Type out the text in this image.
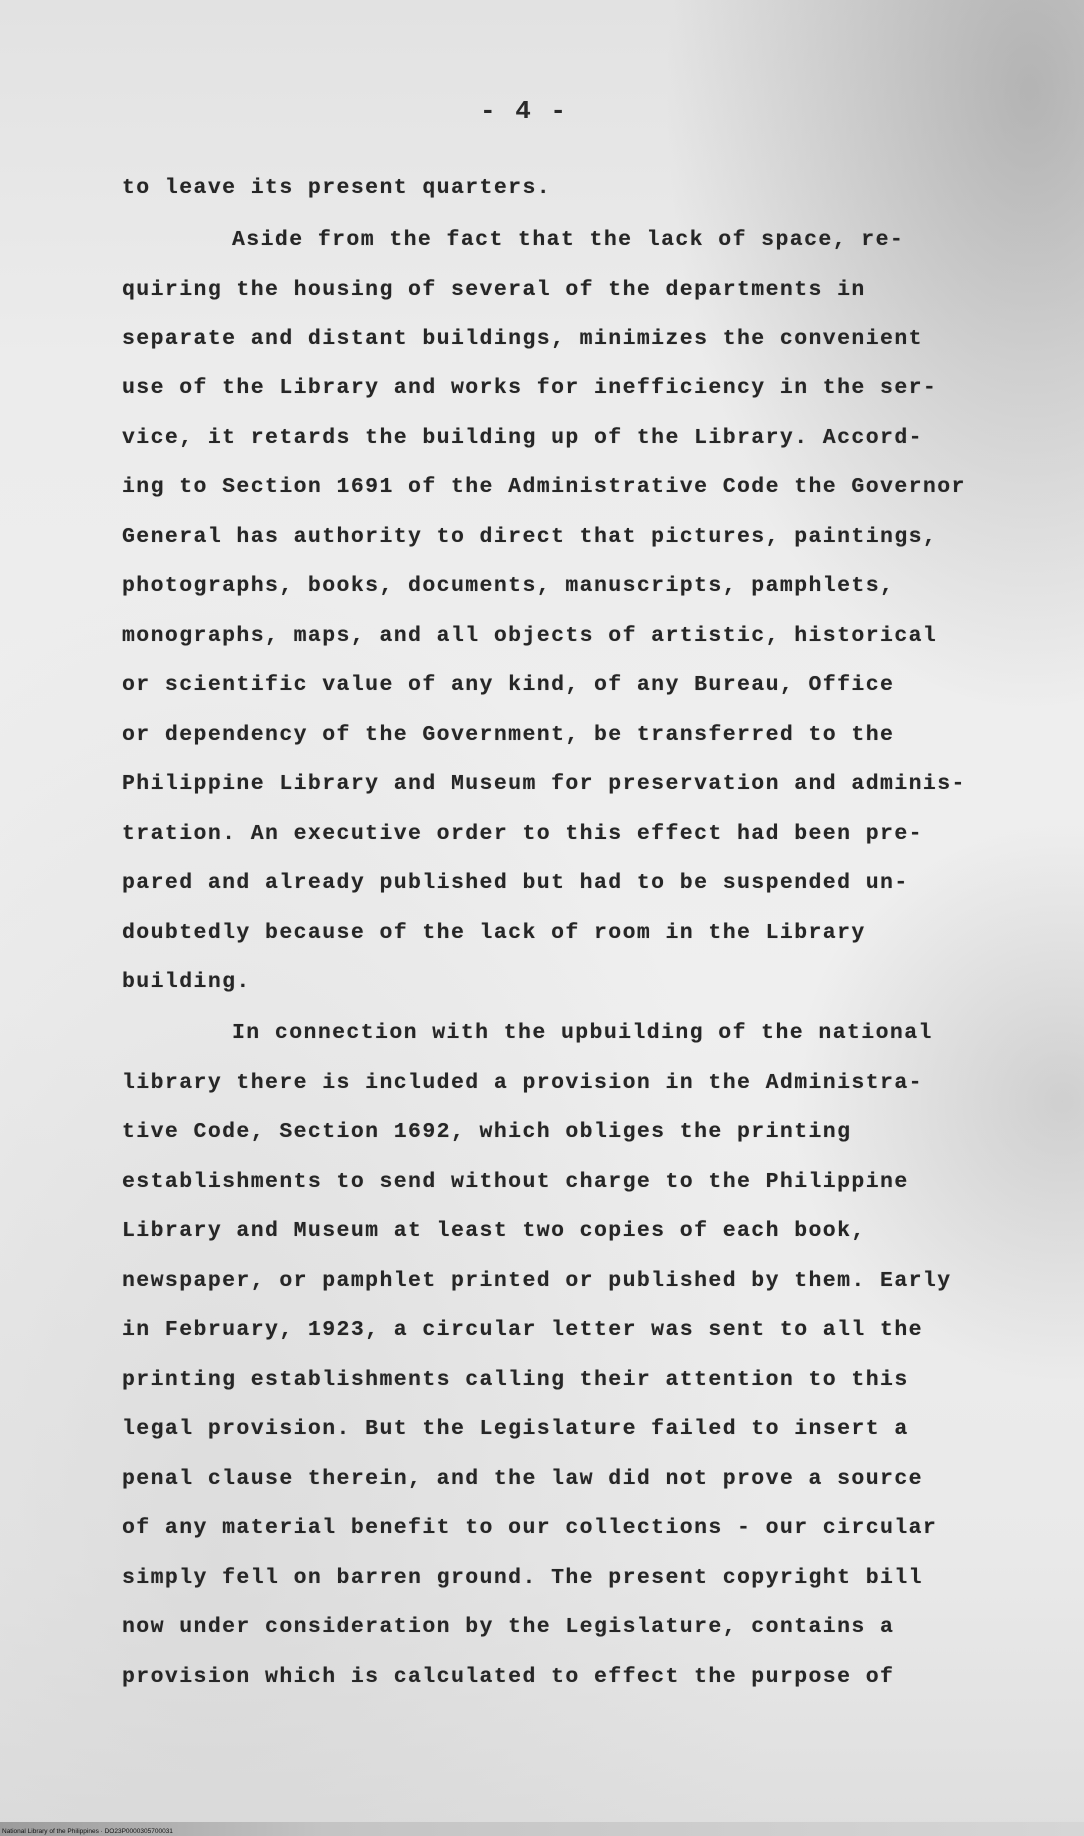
- 4 -
to leave its present quarters.
Aside from the fact that the lack of space, re-
quiring the housing of several of the departments in
separate and distant buildings, minimizes the convenient
use of the Library and works for inefficiency in the ser-
vice, it retards the building up of the Library. Accord-
ing to Section 1691 of the Administrative Code the Governor
General has authority to direct that pictures, paintings,
photographs, books, documents, manuscripts, pamphlets,
monographs, maps, and all objects of artistic, historical
or scientific value of any kind, of any Bureau, Office
or dependency of the Government, be transferred to the
Philippine Library and Museum for preservation and adminis-
tration. An executive order to this effect had been pre-
pared and already published but had to be suspended un-
doubtedly because of the lack of room in the Library
building.
In connection with the upbuilding of the national
library there is included a provision in the Administra-
tive Code, Section 1692, which obliges the printing
establishments to send without charge to the Philippine
Library and Museum at least two copies of each book,
newspaper, or pamphlet printed or published by them. Early
in February, 1923, a circular letter was sent to all the
printing establishments calling their attention to this
legal provision. But the Legislature failed to insert a
penal clause therein, and the law did not prove a source
of any material benefit to our collections - our circular
simply fell on barren ground. The present copyright bill
now under consideration by the Legislature, contains a
provision which is calculated to effect the purpose of
National Library of the Philippines · DO23P0000305700031
